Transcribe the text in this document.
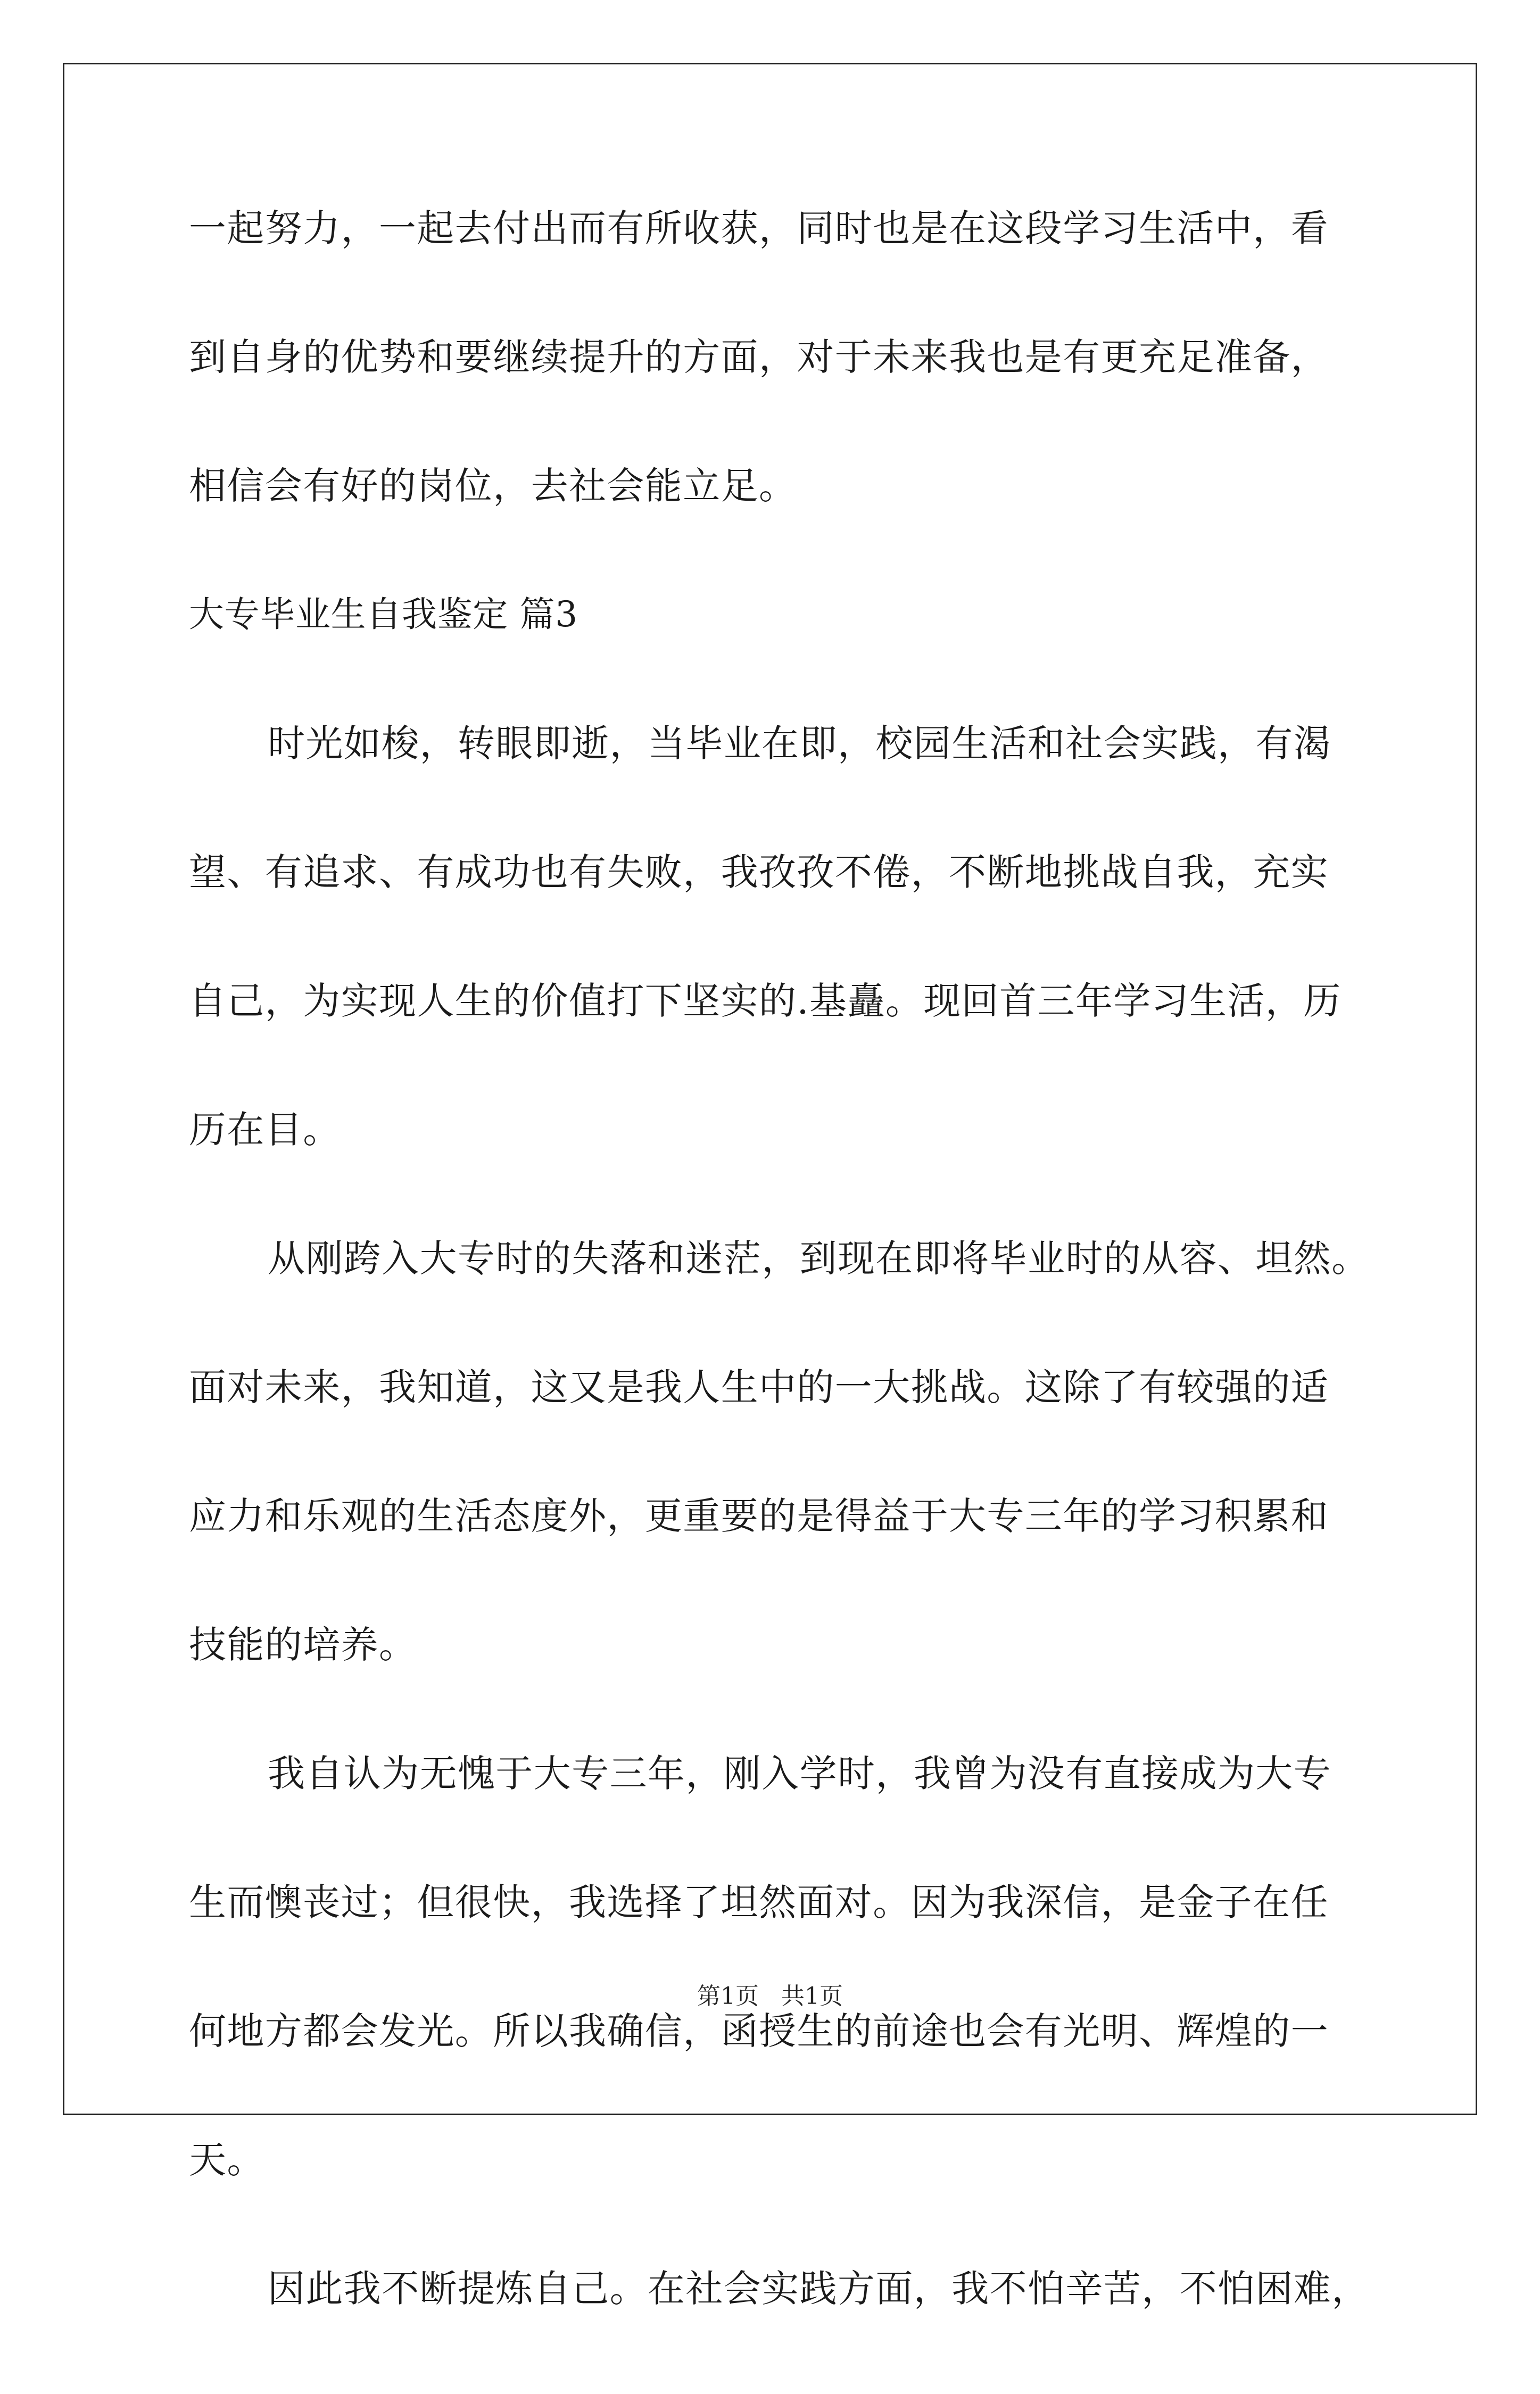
一起努力，一起去付出而有所收获，同时也是在这段学习生活中，看
到自身的优势和要继续提升的方面，对于未来我也是有更充足准备，
相信会有好的岗位，去社会能立足。
大专毕业生自我鉴定 篇3
时光如梭，转眼即逝，当毕业在即，校园生活和社会实践，有渴
望、有追求、有成功也有失败，我孜孜不倦，不断地挑战自我，充实
自己，为实现人生的价值打下坚实的.基矗。现回首三年学习生活，历
历在目。
从刚跨入大专时的失落和迷茫，到现在即将毕业时的从容、坦然。
面对未来，我知道，这又是我人生中的一大挑战。这除了有较强的适
应力和乐观的生活态度外，更重要的是得益于大专三年的学习积累和
技能的培养。
我自认为无愧于大专三年，刚入学时，我曾为没有直接成为大专
生而懊丧过；但很快，我选择了坦然面对。因为我深信，是金子在任
何地方都会发光。所以我确信，函授生的前途也会有光明、辉煌的一
天。
因此我不断提炼自己。在社会实践方面，我不怕辛苦，不怕困难，
第1页   共1页
